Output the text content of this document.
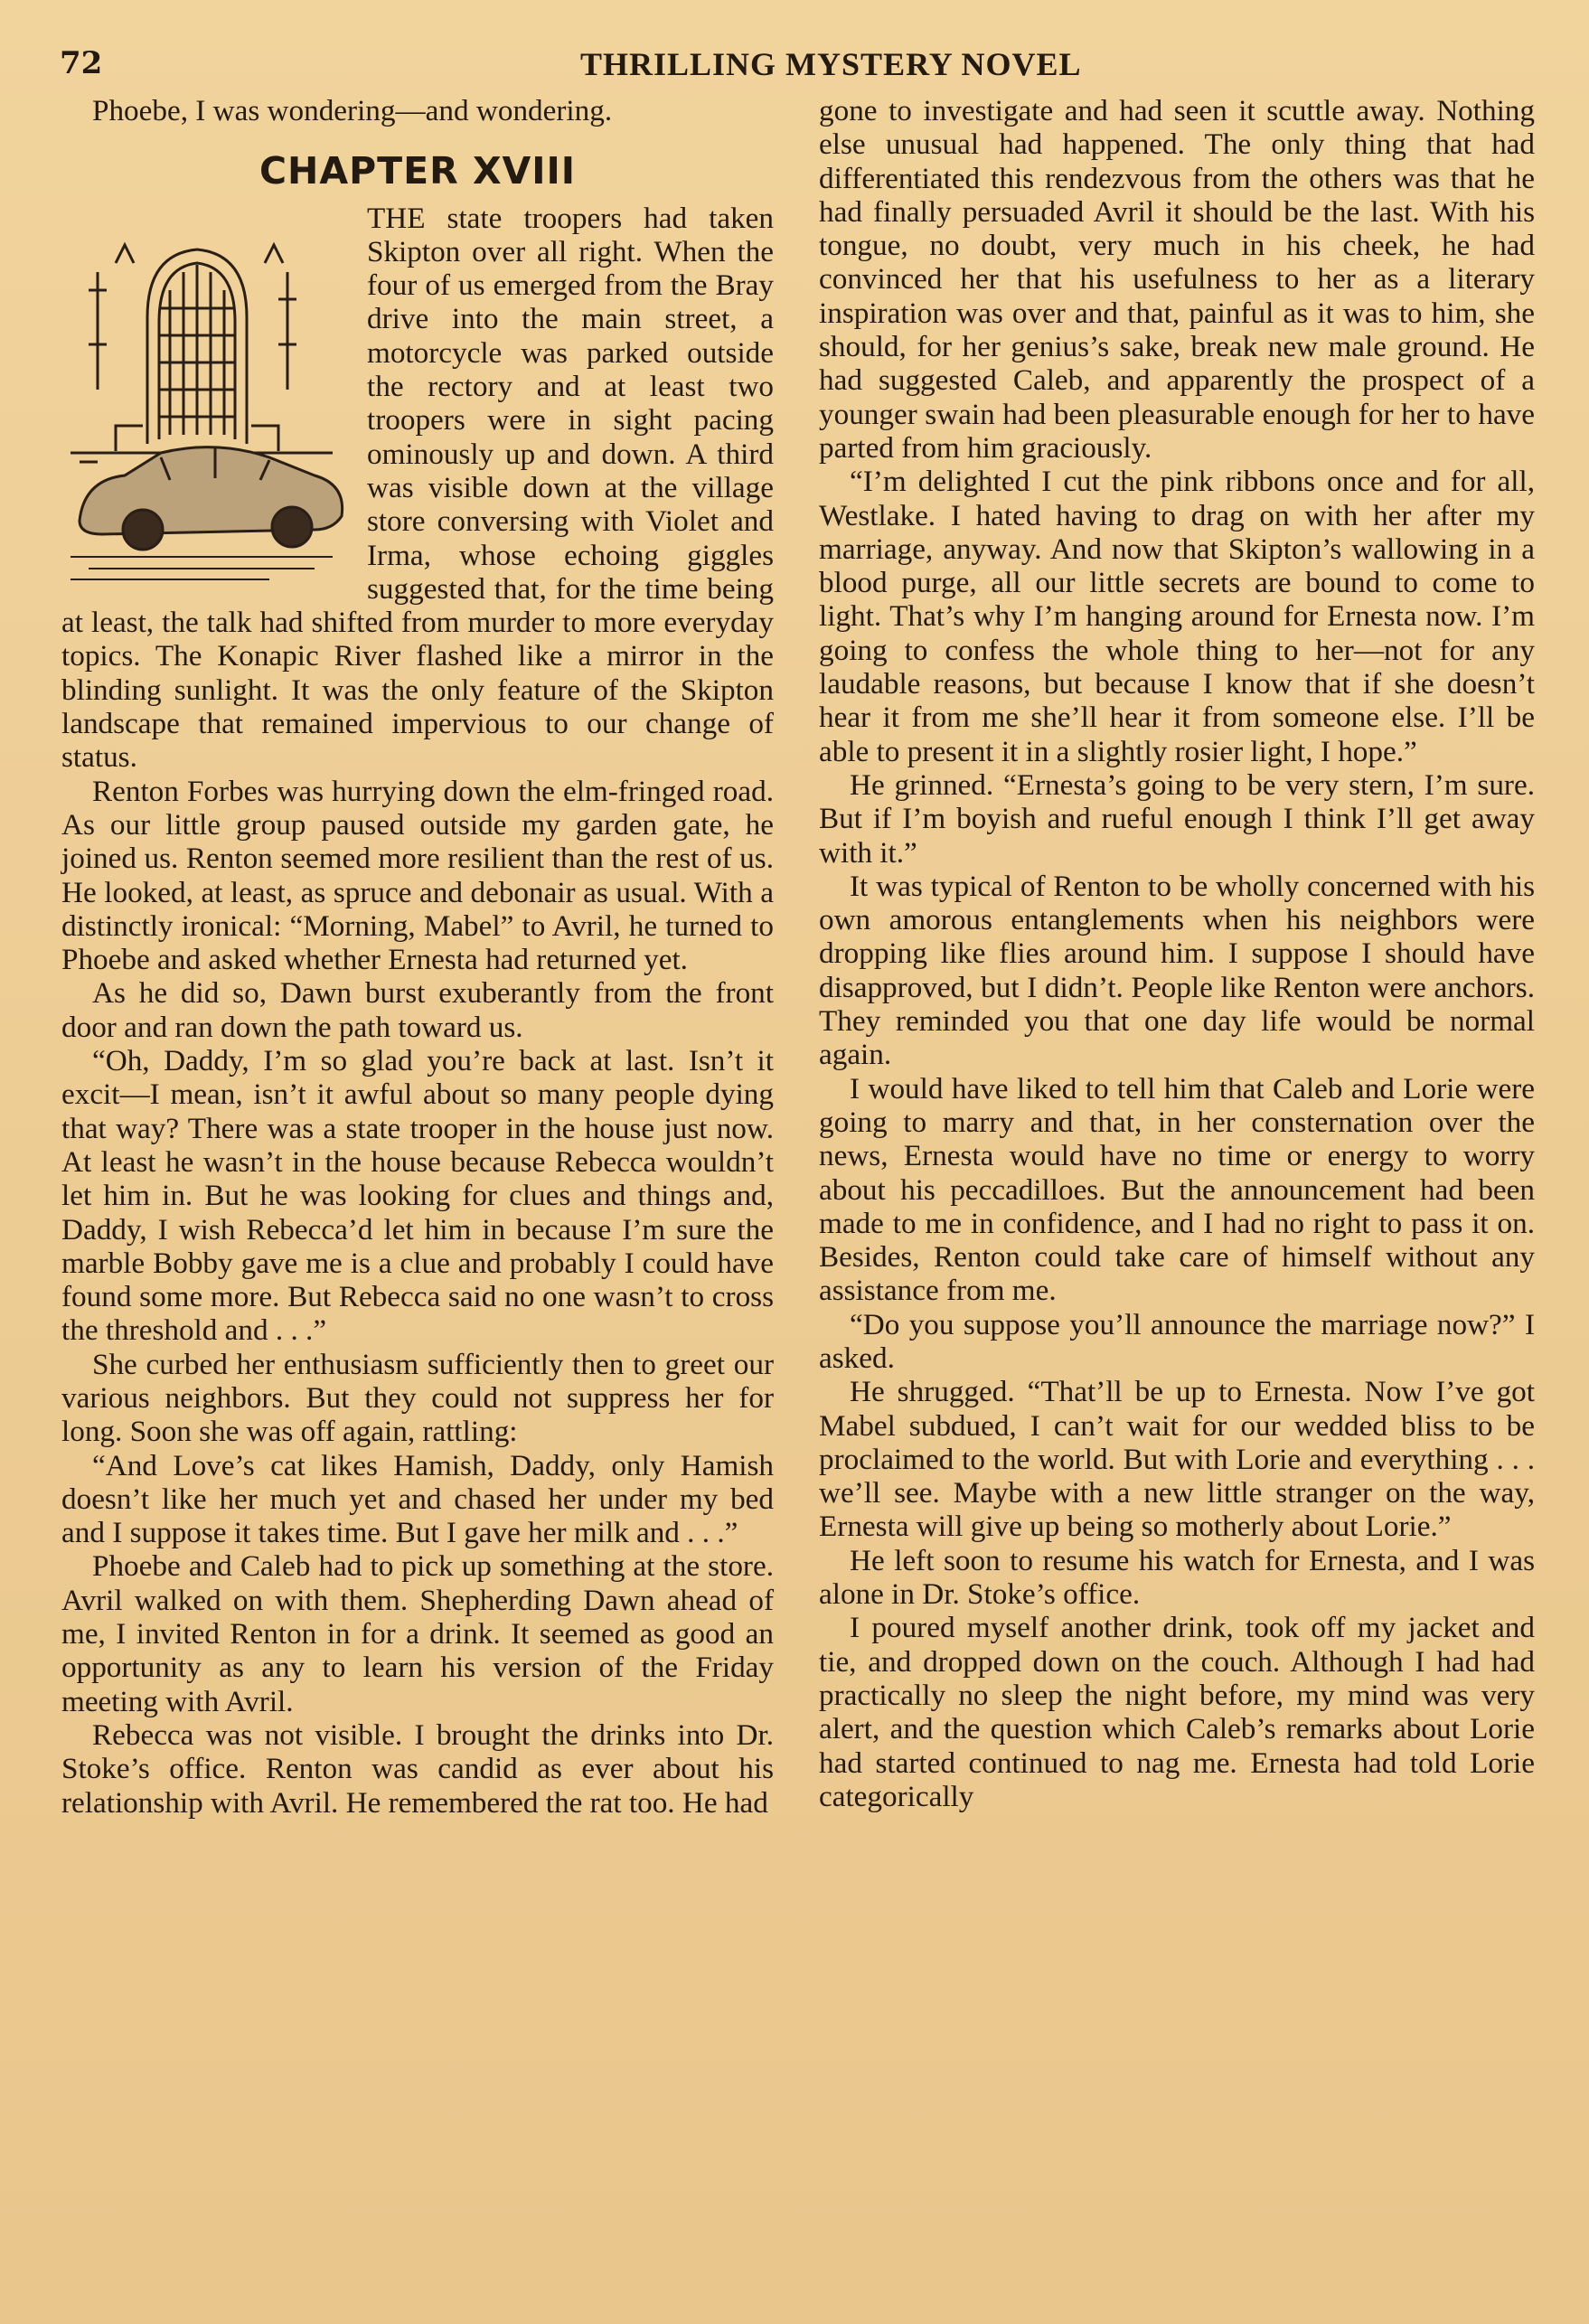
72	THRILLING MYSTERY NOVEL

Phoebe, I was wondering—and wondering.

CHAPTER XVIII

THE state troopers had taken Skipton over all right. When the four of us emerged from the Bray drive into the main street, a motorcycle was parked outside the rectory and at least two troopers were in sight pacing ominously up and down. A third was visible down at the village store conversing with Violet and Irma, whose echoing giggles suggested that, for the time being at least, the talk had shifted from murder to more everyday topics. The Konapic River flashed like a mirror in the blinding sunlight. It was the only feature of the Skipton landscape that remained impervious to our change of status.

Renton Forbes was hurrying down the elm-fringed road. As our little group paused outside my garden gate, he joined us. Renton seemed more resilient than the rest of us. He looked, at least, as spruce and debonair as usual. With a distinctly ironical: “Morning, Mabel” to Avril, he turned to Phoebe and asked whether Ernesta had returned yet.

As he did so, Dawn burst exuberantly from the front door and ran down the path toward us.

“Oh, Daddy, I’m so glad you’re back at last. Isn’t it excit—I mean, isn’t it awful about so many people dying that way? There was a state trooper in the house just now. At least he wasn’t in the house because Rebecca wouldn’t let him in. But he was looking for clues and things and, Daddy, I wish Rebecca’d let him in because I’m sure the marble Bobby gave me is a clue and probably I could have found some more. But Rebecca said no one wasn’t to cross the threshold and . . .”

She curbed her enthusiasm sufficiently then to greet our various neighbors. But they could not suppress her for long. Soon she was off again, rattling:

“And Love’s cat likes Hamish, Daddy, only Hamish doesn’t like her much yet and chased her under my bed and I suppose it takes time. But I gave her milk and . . .”

Phoebe and Caleb had to pick up something at the store. Avril walked on with them. Shepherding Dawn ahead of me, I invited Renton in for a drink. It seemed as good an opportunity as any to learn his version of the Friday meeting with Avril.

Rebecca was not visible. I brought the drinks into Dr. Stoke’s office. Renton was candid as ever about his relationship with Avril. He remembered the rat too. He had

gone to investigate and had seen it scuttle away. Nothing else unusual had happened. The only thing that had differentiated this rendezvous from the others was that he had finally persuaded Avril it should be the last. With his tongue, no doubt, very much in his cheek, he had convinced her that his usefulness to her as a literary inspiration was over and that, painful as it was to him, she should, for her genius’s sake, break new male ground. He had suggested Caleb, and apparently the prospect of a younger swain had been pleasurable enough for her to have parted from him graciously.

“I’m delighted I cut the pink ribbons once and for all, Westlake. I hated having to drag on with her after my marriage, anyway. And now that Skipton’s wallowing in a blood purge, all our little secrets are bound to come to light. That’s why I’m hanging around for Ernesta now. I’m going to confess the whole thing to her—not for any laudable reasons, but because I know that if she doesn’t hear it from me she’ll hear it from someone else. I’ll be able to present it in a slightly rosier light, I hope.”

He grinned. “Ernesta’s going to be very stern, I’m sure. But if I’m boyish and rueful enough I think I’ll get away with it.”

It was typical of Renton to be wholly concerned with his own amorous entanglements when his neighbors were dropping like flies around him. I suppose I should have disapproved, but I didn’t. People like Renton were anchors. They reminded you that one day life would be normal again.

I would have liked to tell him that Caleb and Lorie were going to marry and that, in her consternation over the news, Ernesta would have no time or energy to worry about his peccadilloes. But the announcement had been made to me in confidence, and I had no right to pass it on. Besides, Renton could take care of himself without any assistance from me.

“Do you suppose you’ll announce the marriage now?” I asked.

He shrugged. “That’ll be up to Ernesta. Now I’ve got Mabel subdued, I can’t wait for our wedded bliss to be proclaimed to the world. But with Lorie and everything . . . we’ll see. Maybe with a new little stranger on the way, Ernesta will give up being so motherly about Lorie.”

He left soon to resume his watch for Ernesta, and I was alone in Dr. Stoke’s office.

I poured myself another drink, took off my jacket and tie, and dropped down on the couch. Although I had had practically no sleep the night before, my mind was very alert, and the question which Caleb’s remarks about Lorie had started continued to nag me. Ernesta had told Lorie categorically
